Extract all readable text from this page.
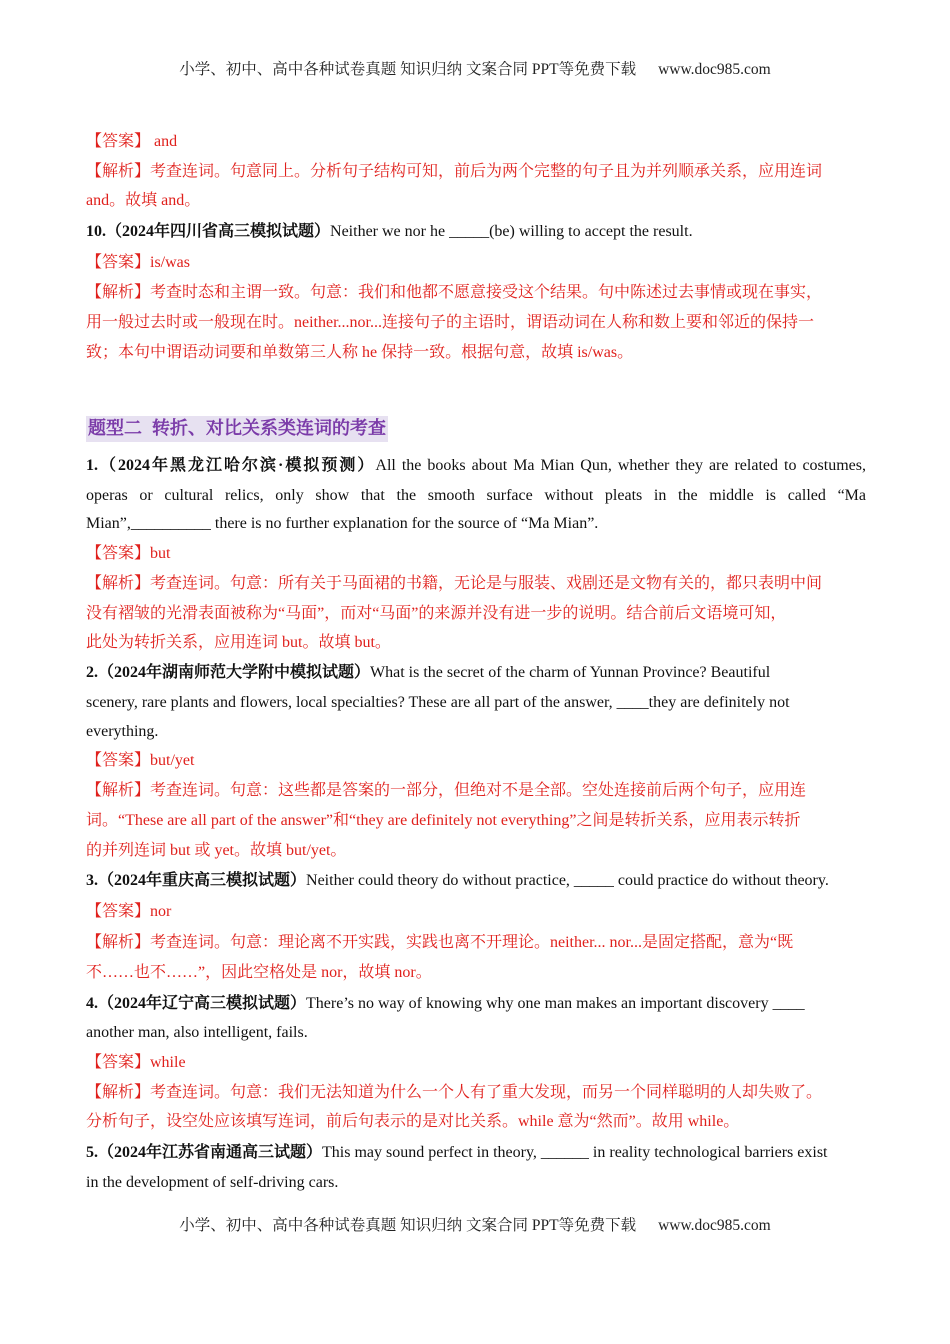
小学、初中、高中各种试卷真题 知识归纳 文案合同 PPT等免费下载 www.doc985.com
【答案】 and
【解析】考查连词。句意同上。分析句子结构可知，前后为两个完整的句子且为并列顺承关系，应用连词
and。故填 and。
10.（2024年四川省高三模拟试题）Neither we nor he _____(be) willing to accept the result.
【答案】is/was
【解析】考查时态和主谓一致。句意：我们和他都不愿意接受这个结果。句中陈述过去事情或现在事实，
用一般过去时或一般现在时。neither...nor...连接句子的主语时，谓语动词在人称和数上要和邻近的保持一
致；本句中谓语动词要和单数第三人称 he 保持一致。根据句意，故填 is/was。
题型二 转折、对比关系类连词的考查
1.（2024年黑龙江哈尔滨·模拟预测）All the books about Ma Mian Qun, whether they are related to costumes,
operas or cultural relics, only show that the smooth surface without pleats in the middle is called “Ma
Mian”,__________ there is no further explanation for the source of “Ma Mian”.
【答案】but
【解析】考查连词。句意：所有关于马面裙的书籍，无论是与服装、戏剧还是文物有关的，都只表明中间
没有褶皱的光滑表面被称为“马面”，而对“马面”的来源并没有进一步的说明。结合前后文语境可知，
此处为转折关系，应用连词 but。故填 but。
2.（2024年湖南师范大学附中模拟试题）What is the secret of the charm of Yunnan Province? Beautiful
scenery, rare plants and flowers, local specialties? These are all part of the answer, ____they are definitely not
everything.
【答案】but/yet
【解析】考查连词。句意：这些都是答案的一部分，但绝对不是全部。空处连接前后两个句子，应用连
词。“These are all part of the answer”和“they are definitely not everything”之间是转折关系，应用表示转折
的并列连词 but 或 yet。故填 but/yet。
3.（2024年重庆高三模拟试题）Neither could theory do without practice, _____ could practice do without theory.
【答案】nor
【解析】考查连词。句意：理论离不开实践，实践也离不开理论。neither... nor...是固定搭配，意为“既
不……也不……”，因此空格处是 nor，故填 nor。
4.（2024年辽宁高三模拟试题）There’s no way of knowing why one man makes an important discovery ____
another man, also intelligent, fails.
【答案】while
【解析】考查连词。句意：我们无法知道为什么一个人有了重大发现，而另一个同样聪明的人却失败了。
分析句子，设空处应该填写连词，前后句表示的是对比关系。while 意为“然而”。故用 while。
5.（2024年江苏省南通高三试题）This may sound perfect in theory, ______ in reality technological barriers exist
in the development of self-driving cars.
小学、初中、高中各种试卷真题 知识归纳 文案合同 PPT等免费下载 www.doc985.com
